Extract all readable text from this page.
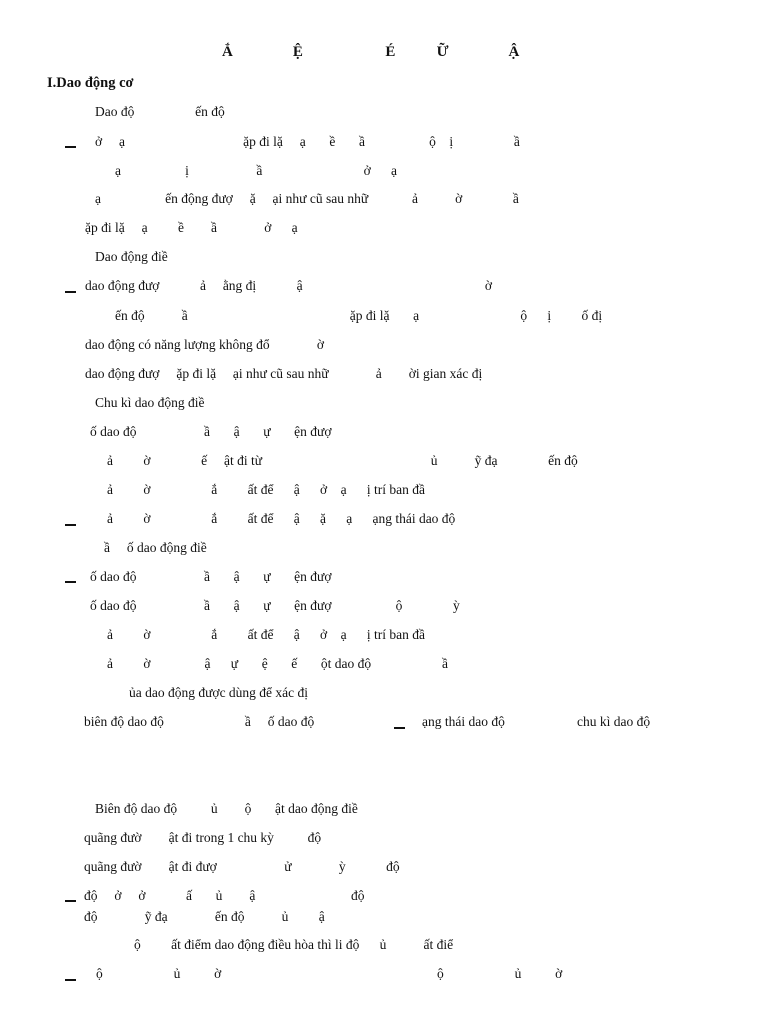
Ắ                Ệ                      É           Ữ                Ậ
I.Dao động cơ
Dao độ                  ến độ
ở     ạ                                   ặp đi lặ     ạ       ề       ầ                   ộ    ị                  ầ
ạ                   ị                    ầ                              ở      ạ
ạ                   ến động đượ     ặ     ại như cũ sau nhữ             ả           ờ               ầ
ặp đi lặ     ạ         ề        ầ              ở      ạ
Dao động điề
dao động đượ            ả     ằng đị            ậ                                                      ờ
ến độ           ầ                                                ặp đi lặ       ạ                              ộ      ị         ố đị
dao động có năng lượng không đổ              ờ
dao động đượ     ặp đi lặ     ại như cũ sau nhữ              ả        ời gian xác đị
Chu kì dao động điề
ố dao độ                    ầ       ậ       ự       ện đượ
ả         ờ               ế     ật đi từ                                                  ủ           ỹ đạ               ến độ
ả         ờ                  ắ         ất để      ậ      ở    ạ      ị trí ban đầ
ả         ờ                  ắ         ất để      ậ      ặ      ạ      ạng thái dao độ
ầ     ố dao động điề
ố dao độ                    ầ       ậ       ự       ện đượ
ố dao độ                    ầ       ậ       ự       ện đượ                   ộ               ỳ
ả         ờ                  ắ         ất để      ậ      ở    ạ      ị trí ban đầ
ả         ờ                ậ      ự       ệ       ế       ột dao độ                     ầ
ủa dao động được dùng để xác đị
biên độ dao độ                        ầ     ố dao độ	ạng thái dao độ	chu kì dao độ
Biên độ dao độ          ủ        ộ       ật dao động điề
quãng đườ        ật đi trong 1 chu kỳ          độ
quãng đườ        ật đi đượ                    ử              ỳ            độ
độ     ở     ở            ấ       ủ        ậ	độ
độ              ỹ đạ              ến độ           ủ         ậ
ộ         ất điểm dao động điều hòa thì li độ      ủ           ất điể
ộ                     ủ          ờ	ộ                     ủ          ờ
